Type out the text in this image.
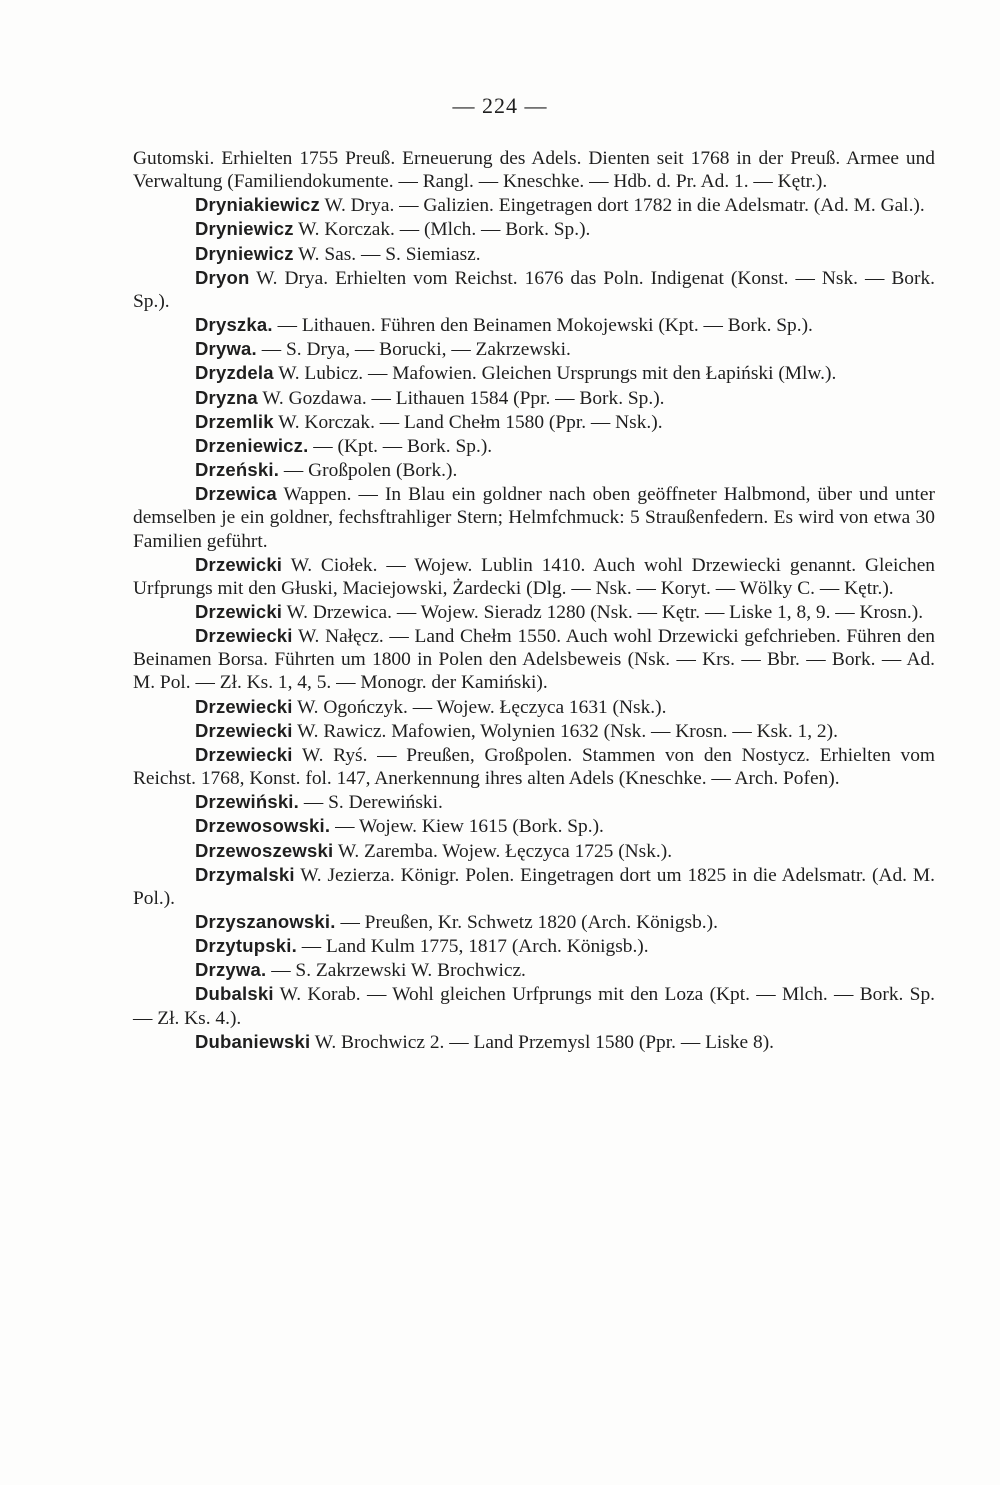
— 224 —

Gutomski. Erhielten 1755 Preuß. Erneuerung des Adels. Dienten seit 1768 in der Preuß. Armee und Verwaltung (Familiendokumente. — Rangl. — Kneschke. — Hdb. d. Pr. Ad. 1. — Kętr.).

Dryniakiewicz W. Drya. — Galizien. Eingetragen dort 1782 in die Adelsmatr. (Ad. M. Gal.).

Dryniewicz W. Korczak. — (Mlch. — Bork. Sp.).

Dryniewicz W. Sas. — S. Siemiasz.

Dryon W. Drya. Erhielten vom Reichst. 1676 das Poln. Indigenat (Konst. — Nsk. — Bork. Sp.).

Dryszka. — Lithauen. Führen den Beinamen Mokojewski (Kpt. — Bork. Sp.).

Drywa. — S. Drya, — Borucki, — Zakrzewski.

Dryzdela W. Lubicz. — Mafowien. Gleichen Ursprungs mit den Łapiński (Mlw.).

Dryzna W. Gozdawa. — Lithauen 1584 (Ppr. — Bork. Sp.).

Drzemlik W. Korczak. — Land Chełm 1580 (Ppr. — Nsk.).

Drzeniewicz. — (Kpt. — Bork. Sp.).

Drzeński. — Großpolen (Bork.).

Drzewica Wappen. — In Blau ein goldner nach oben geöffneter Halbmond, über und unter demselben je ein goldner, fechsftrahliger Stern; Helmfchmuck: 5 Straußenfedern. Es wird von etwa 30 Familien geführt.

Drzewicki W. Ciołek. — Wojew. Lublin 1410. Auch wohl Drzewiecki genannt. Gleichen Urfprungs mit den Głuski, Maciejowski, Żardecki (Dlg. — Nsk. — Koryt. — Wölky C. — Kętr.).

Drzewicki W. Drzewica. — Wojew. Sieradz 1280 (Nsk. — Kętr. — Liske 1, 8, 9. — Krosn.).

Drzewiecki W. Nałęcz. — Land Chełm 1550. Auch wohl Drzewicki gefchrieben. Führen den Beinamen Borsa. Führten um 1800 in Polen den Adelsbeweis (Nsk. — Krs. — Bbr. — Bork. — Ad. M. Pol. — Zł. Ks. 1, 4, 5. — Monogr. der Kamiński).

Drzewiecki W. Ogończyk. — Wojew. Łęczyca 1631 (Nsk.).

Drzewiecki W. Rawicz. Mafowien, Wolynien 1632 (Nsk. — Krosn. — Ksk. 1, 2).

Drzewiecki W. Ryś. — Preußen, Großpolen. Stammen von den Nostycz. Erhielten vom Reichst. 1768, Konst. fol. 147, Anerkennung ihres alten Adels (Kneschke. — Arch. Pofen).

Drzewiński. — S. Derewiński.

Drzewosowski. — Wojew. Kiew 1615 (Bork. Sp.).

Drzewoszewski W. Zaremba. Wojew. Łęczyca 1725 (Nsk.).

Drzymalski W. Jezierza. Königr. Polen. Eingetragen dort um 1825 in die Adelsmatr. (Ad. M. Pol.).

Drzyszanowski. — Preußen, Kr. Schwetz 1820 (Arch. Königsb.).

Drzytupski. — Land Kulm 1775, 1817 (Arch. Königsb.).

Drzywa. — S. Zakrzewski W. Brochwicz.

Dubalski W. Korab. — Wohl gleichen Urfprungs mit den Loza (Kpt. — Mlch. — Bork. Sp. — Zł. Ks. 4.).

Dubaniewski W. Brochwicz 2. — Land Przemysl 1580 (Ppr. — Liske 8).
